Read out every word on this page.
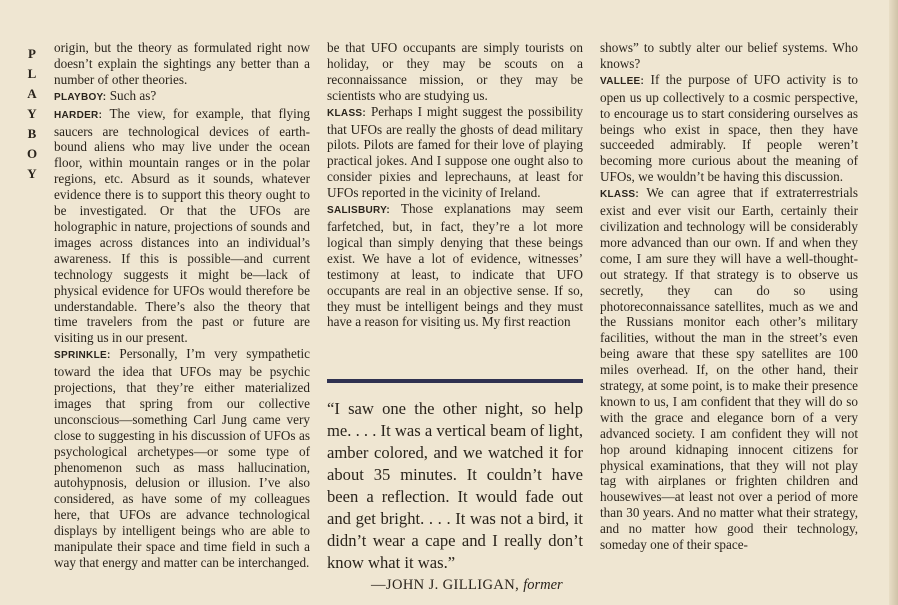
P
L
A
Y
B
O
Y

origin, but the theory as formulated right now doesn’t explain the sightings any better than a number of other theories.

PLAYBOY: Such as?

HARDER: The view, for example, that flying saucers are technological devices of earth-bound aliens who may live under the ocean floor, within mountain ranges or in the polar regions, etc. Absurd as it sounds, whatever evidence there is to support this theory ought to be investigated. Or that the UFOs are holographic in nature, projections of sounds and images across distances into an individual’s awareness. If this is possible—and current technology suggests it might be—lack of physical evidence for UFOs would therefore be understandable. There’s also the theory that time travelers from the past or future are visiting us in our present.

SPRINKLE: Personally, I’m very sympathetic toward the idea that UFOs may be psychic projections, that they’re either materialized images that spring from our collective unconscious—something Carl Jung came very close to suggesting in his discussion of UFOs as psychological archetypes—or some type of phenomenon such as mass hallucination, autohypnosis, delusion or illusion. I’ve also considered, as have some of my colleagues here, that UFOs are advance technological displays by intelligent beings who are able to manipulate their space and time field in such a way that energy and matter can be interchanged.

be that UFO occupants are simply tourists on holiday, or they may be scouts on a reconnaissance mission, or they may be scientists who are studying us.

KLASS: Perhaps I might suggest the possibility that UFOs are really the ghosts of dead military pilots. Pilots are famed for their love of playing practical jokes. And I suppose one ought also to consider pixies and leprechauns, at least for UFOs reported in the vicinity of Ireland.

SALISBURY: Those explanations may seem farfetched, but, in fact, they’re a lot more logical than simply denying that these beings exist. We have a lot of evidence, witnesses’ testimony at least, to indicate that UFO occupants are real in an objective sense. If so, they must be intelligent beings and they must have a reason for visiting us. My first reaction

“I saw one the other night, so help me. . . . It was a vertical beam of light, amber colored, and we watched it for about 35 minutes. It couldn’t have been a reflection. It would fade out and get bright. . . . It was not a bird, it didn’t wear a cape and I really don’t know what it was.”

—JOHN J. GILLIGAN, former

shows” to subtly alter our belief systems. Who knows?

VALLEE: If the purpose of UFO activity is to open us up collectively to a cosmic perspective, to encourage us to start considering ourselves as beings who exist in space, then they have succeeded admirably. If people weren’t becoming more curious about the meaning of UFOs, we wouldn’t be having this discussion.

KLASS: We can agree that if extraterrestrials exist and ever visit our Earth, certainly their civilization and technology will be considerably more advanced than our own. If and when they come, I am sure they will have a well-thought-out strategy. If that strategy is to observe us secretly, they can do so using photoreconnaissance satellites, much as we and the Russians monitor each other’s military facilities, without the man in the street’s even being aware that these spy satellites are 100 miles overhead. If, on the other hand, their strategy, at some point, is to make their presence known to us, I am confident that they will do so with the grace and elegance born of a very advanced society. I am confident they will not hop around kidnaping innocent citizens for physical examinations, that they will not play tag with airplanes or frighten children and housewives—at least not over a period of more than 30 years. And no matter what their strategy, and no matter how good their technology, someday one of their space-
